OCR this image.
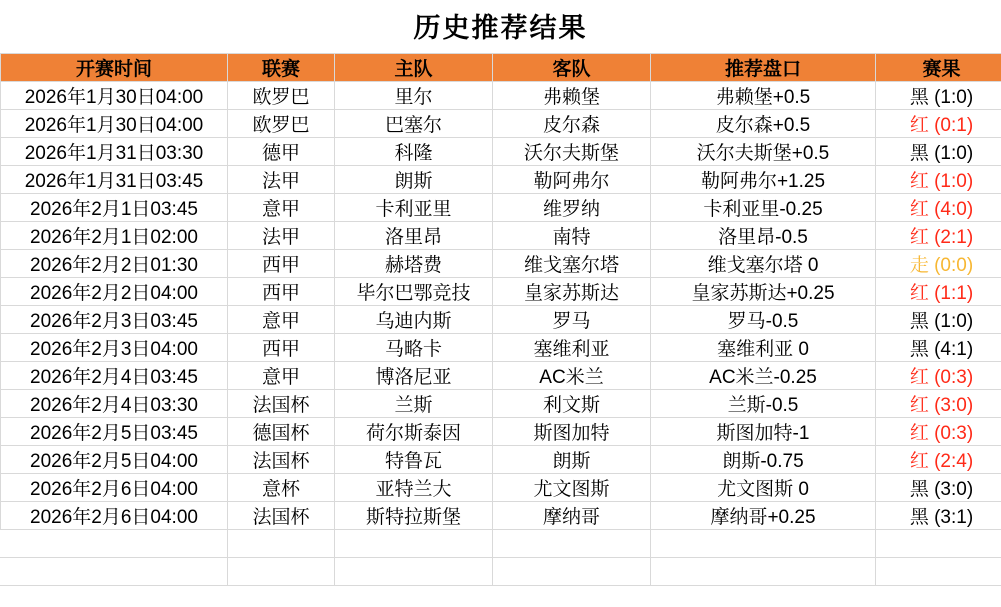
历史推荐结果
开赛时间	联赛	主队	客队	推荐盘口	赛果
2026年1月30日04:00	欧罗巴	里尔	弗赖堡	弗赖堡+0.5	黑 (1:0)
2026年1月30日04:00	欧罗巴	巴塞尔	皮尔森	皮尔森+0.5	红 (0:1)
2026年1月31日03:30	德甲	科隆	沃尔夫斯堡	沃尔夫斯堡+0.5	黑 (1:0)
2026年1月31日03:45	法甲	朗斯	勒阿弗尔	勒阿弗尔+1.25	红 (1:0)
2026年2月1日03:45	意甲	卡利亚里	维罗纳	卡利亚里-0.25	红 (4:0)
2026年2月1日02:00	法甲	洛里昂	南特	洛里昂-0.5	红 (2:1)
2026年2月2日01:30	西甲	赫塔费	维戈塞尔塔	维戈塞尔塔 0	走 (0:0)
2026年2月2日04:00	西甲	毕尔巴鄂竞技	皇家苏斯达	皇家苏斯达+0.25	红 (1:1)
2026年2月3日03:45	意甲	乌迪内斯	罗马	罗马-0.5	黑 (1:0)
2026年2月3日04:00	西甲	马略卡	塞维利亚	塞维利亚 0	黑 (4:1)
2026年2月4日03:45	意甲	博洛尼亚	AC米兰	AC米兰-0.25	红 (0:3)
2026年2月4日03:30	法国杯	兰斯	利文斯	兰斯-0.5	红 (3:0)
2026年2月5日03:45	德国杯	荷尔斯泰因	斯图加特	斯图加特-1	红 (0:3)
2026年2月5日04:00	法国杯	特鲁瓦	朗斯	朗斯-0.75	红 (2:4)
2026年2月6日04:00	意杯	亚特兰大	尤文图斯	尤文图斯 0	黑 (3:0)
2026年2月6日04:00	法国杯	斯特拉斯堡	摩纳哥	摩纳哥+0.25	黑 (3:1)
